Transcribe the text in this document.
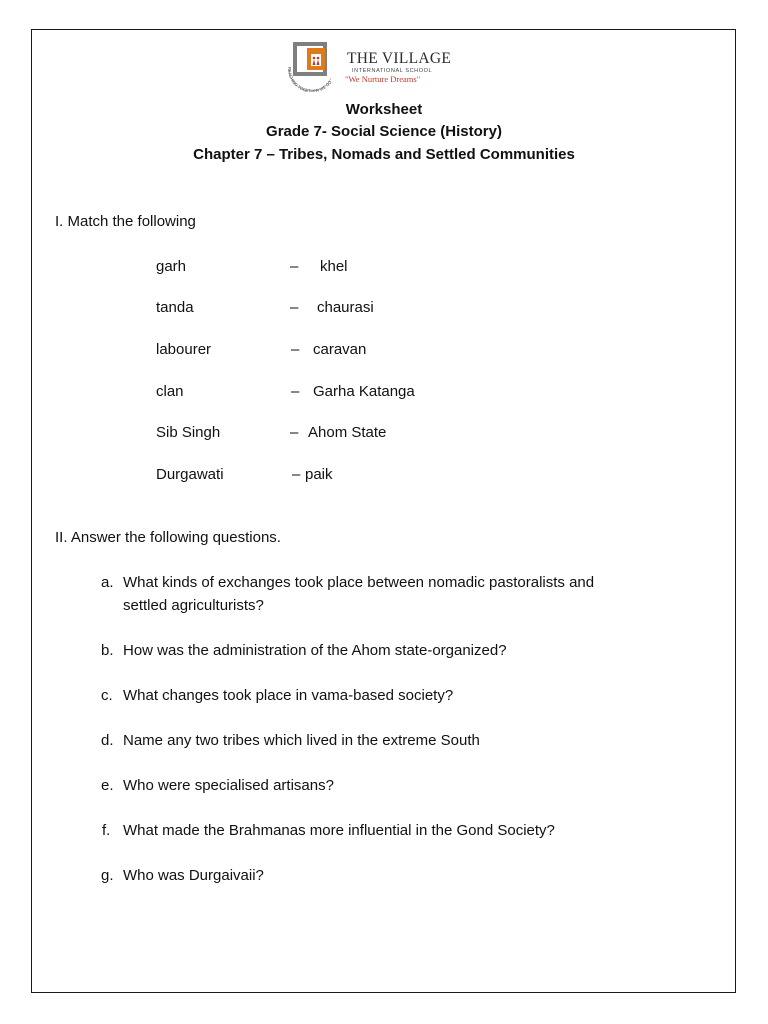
REACHING TOGETHER WE GO
THE VILLAGE
INTERNATIONAL SCHOOL
"We Nurture Dreams"
Worksheet
Grade 7- Social Science (History)
Chapter 7 – Tribes, Nomads and Settled Communities
I. Match the following
garh	– khel
tanda	– chaurasi
labourer	– caravan
clan	– Garha Katanga
Sib Singh	– Ahom State
Durgawati	– paik
II. Answer the following questions.
a. What kinds of exchanges took place between nomadic pastoralists and
settled agriculturists?
b. How was the administration of the Ahom state-organized?
c. What changes took place in vama-based society?
d. Name any two tribes which lived in the extreme South
e. Who were specialised artisans?
f. What made the Brahmanas more influential in the Gond Society?
g. Who was Durgaivaii?
